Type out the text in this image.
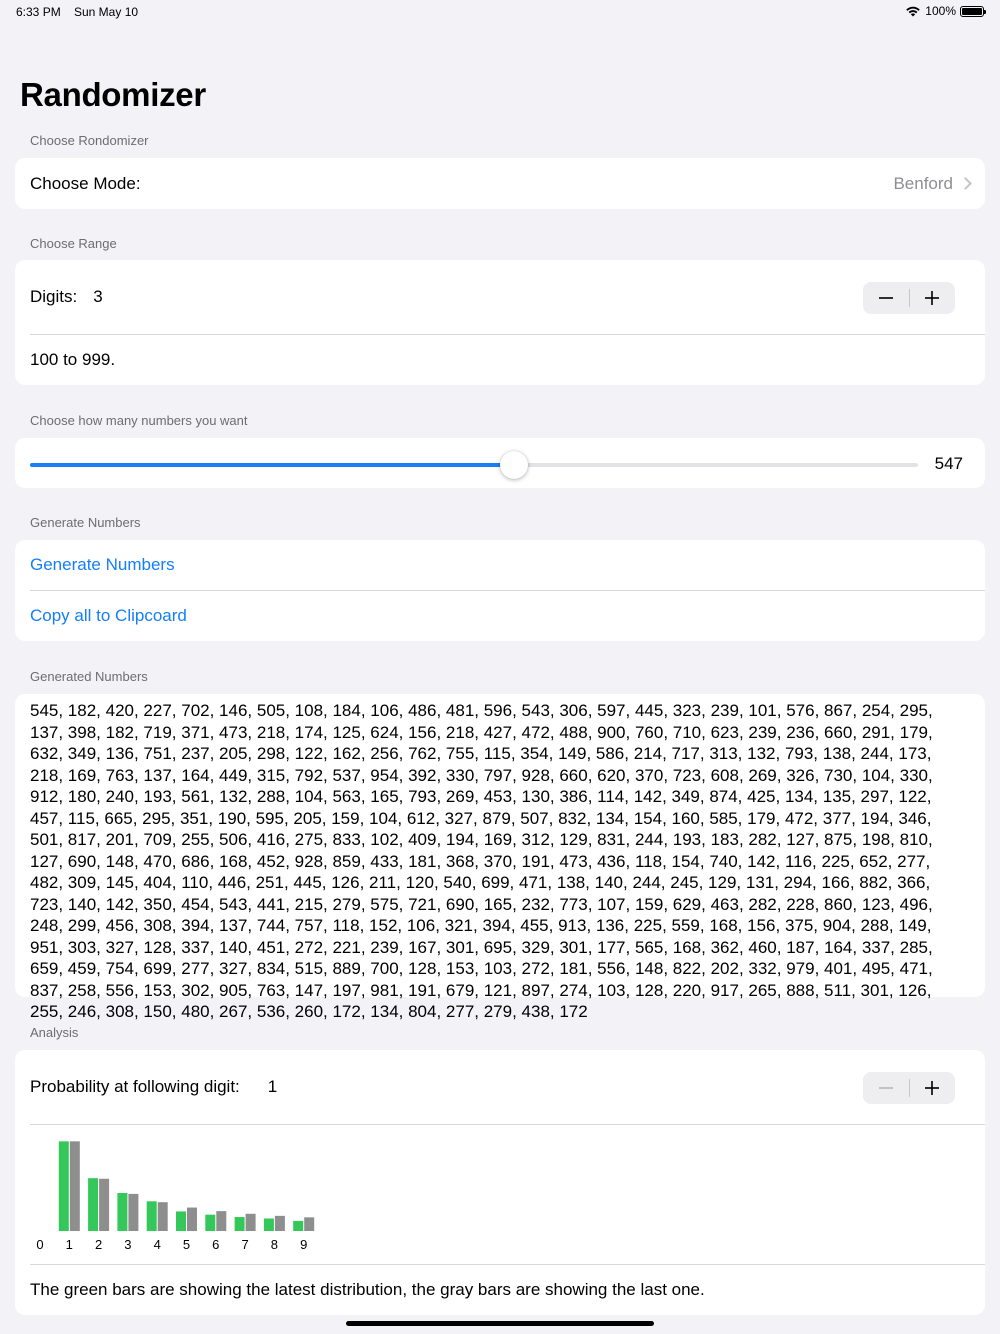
6:33 PM Sun May 10	100%
Randomizer
Choose Rondomizer
Choose Mode:	Benford
Choose Range
Digits: 3
100 to 999.
Choose how many numbers you want
547
Generate Numbers
Generate Numbers
Copy all to Clipcoard
Generated Numbers
545, 182, 420, 227, 702, 146, 505, 108, 184, 106, 486, 481, 596, 543, 306, 597, 445, 323, 239, 101, 576, 867, 254, 295, 137, 398, 182, 719, 371, 473, 218, 174, 125, 624, 156, 218, 427, 472, 488, 900, 760, 710, 623, 239, 236, 660, 291, 179, 632, 349, 136, 751, 237, 205, 298, 122, 162, 256, 762, 755, 115, 354, 149, 586, 214, 717, 313, 132, 793, 138, 244, 173, 218, 169, 763, 137, 164, 449, 315, 792, 537, 954, 392, 330, 797, 928, 660, 620, 370, 723, 608, 269, 326, 730, 104, 330, 912, 180, 240, 193, 561, 132, 288, 104, 563, 165, 793, 269, 453, 130, 386, 114, 142, 349, 874, 425, 134, 135, 297, 122, 457, 115, 665, 295, 351, 190, 595, 205, 159, 104, 612, 327, 879, 507, 832, 134, 154, 160, 585, 179, 472, 377, 194, 346, 501, 817, 201, 709, 255, 506, 416, 275, 833, 102, 409, 194, 169, 312, 129, 831, 244, 193, 183, 282, 127, 875, 198, 810, 127, 690, 148, 470, 686, 168, 452, 928, 859, 433, 181, 368, 370, 191, 473, 436, 118, 154, 740, 142, 116, 225, 652, 277, 482, 309, 145, 404, 110, 446, 251, 445, 126, 211, 120, 540, 699, 471, 138, 140, 244, 245, 129, 131, 294, 166, 882, 366, 723, 140, 142, 350, 454, 543, 441, 215, 279, 575, 721, 690, 165, 232, 773, 107, 159, 629, 463, 282, 228, 860, 123, 496, 248, 299, 456, 308, 394, 137, 744, 757, 118, 152, 106, 321, 394, 455, 913, 136, 225, 559, 168, 156, 375, 904, 288, 149, 951, 303, 327, 128, 337, 140, 451, 272, 221, 239, 167, 301, 695, 329, 301, 177, 565, 168, 362, 460, 187, 164, 337, 285, 659, 459, 754, 699, 277, 327, 834, 515, 889, 700, 128, 153, 103, 272, 181, 556, 148, 822, 202, 332, 979, 401, 495, 471, 837, 258, 556, 153, 302, 905, 763, 147, 197, 981, 191, 679, 121, 897, 274, 103, 128, 220, 917, 265, 888, 511, 301, 126, 255, 246, 308, 150, 480, 267, 536, 260, 172, 134, 804, 277, 279, 438, 172
Analysis
Probability at following digit: 1
0 1 2 3 4 5 6 7 8 9
The green bars are showing the latest distribution, the gray bars are showing the last one.
